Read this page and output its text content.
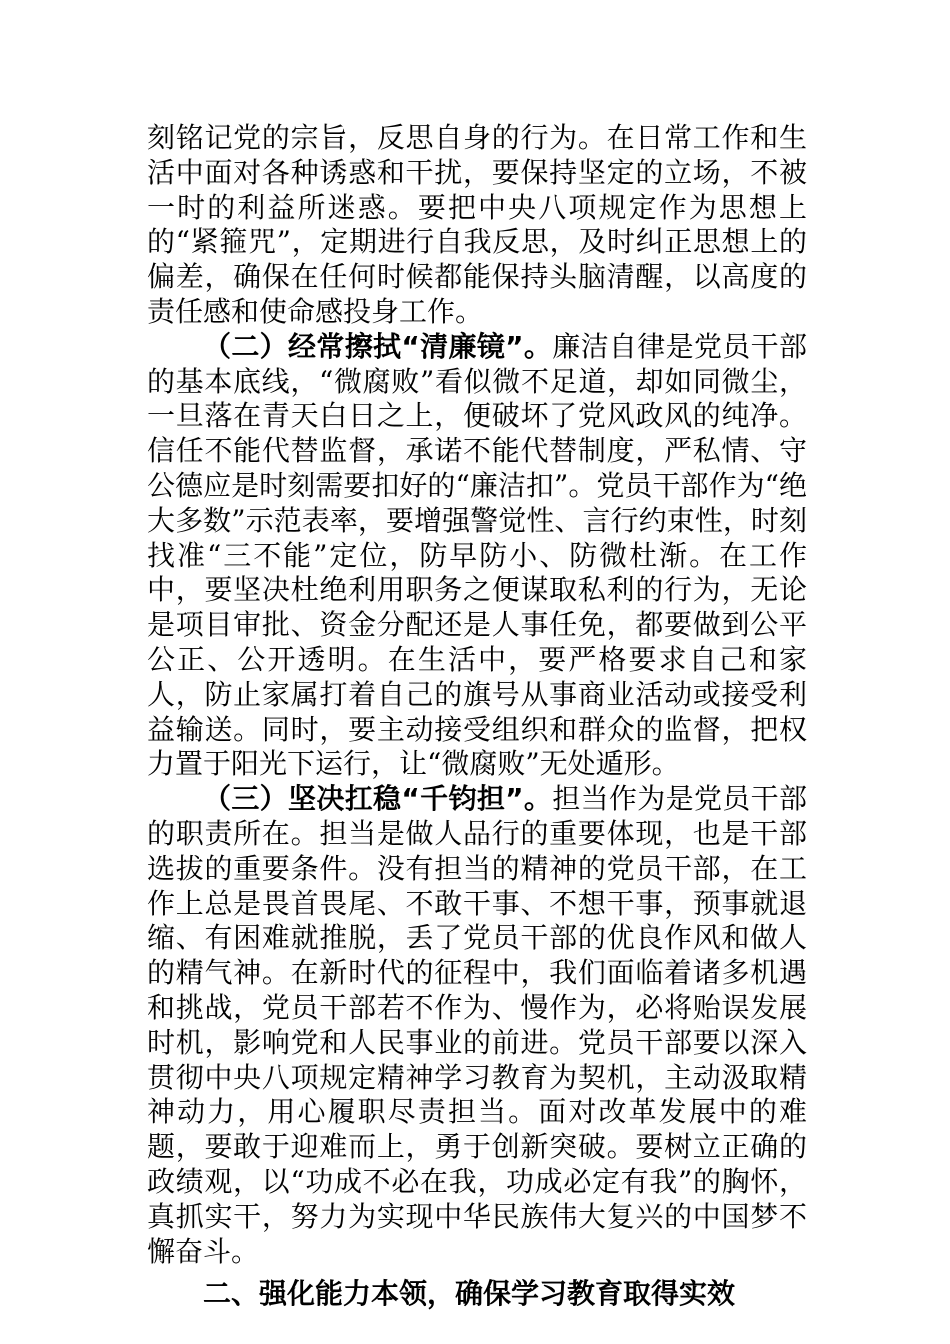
刻铭记党的宗旨，反思自身的行为。在日常工作和生活中面对各种诱惑和干扰，要保持坚定的立场，不被一时的利益所迷惑。要把中央八项规定作为思想上的“紧箍咒”，定期进行自我反思，及时纠正思想上的偏差，确保在任何时候都能保持头脑清醒，以高度的责任感和使命感投身工作。

（二）经常擦拭“清廉镜”。廉洁自律是党员干部的基本底线，“微腐败”看似微不足道，却如同微尘，一旦落在青天白日之上，便破坏了党风政风的纯净。信任不能代替监督，承诺不能代替制度，严私情、守公德应是时刻需要扣好的“廉洁扣”。党员干部作为“绝大多数”示范表率，要增强警觉性、言行约束性，时刻找准“三不能”定位，防早防小、防微杜渐。在工作中，要坚决杜绝利用职务之便谋取私利的行为，无论是项目审批、资金分配还是人事任免，都要做到公平公正、公开透明。在生活中，要严格要求自己和家人，防止家属打着自己的旗号从事商业活动或接受利益输送。同时，要主动接受组织和群众的监督，把权力置于阳光下运行，让“微腐败”无处遁形。

（三）坚决扛稳“千钧担”。担当作为是党员干部的职责所在。担当是做人品行的重要体现，也是干部选拔的重要条件。没有担当的精神的党员干部，在工作上总是畏首畏尾、不敢干事、不想干事，预事就退缩、有困难就推脱，丢了党员干部的优良作风和做人的精气神。在新时代的征程中，我们面临着诸多机遇和挑战，党员干部若不作为、慢作为，必将贻误发展时机，影响党和人民事业的前进。党员干部要以深入贯彻中央八项规定精神学习教育为契机，主动汲取精神动力，用心履职尽责担当。面对改革发展中的难题，要敢于迎难而上，勇于创新突破。要树立正确的政绩观，以“功成不必在我，功成必定有我”的胸怀，真抓实干，努力为实现中华民族伟大复兴的中国梦不懈奋斗。

二、强化能力本领，确保学习教育取得实效
